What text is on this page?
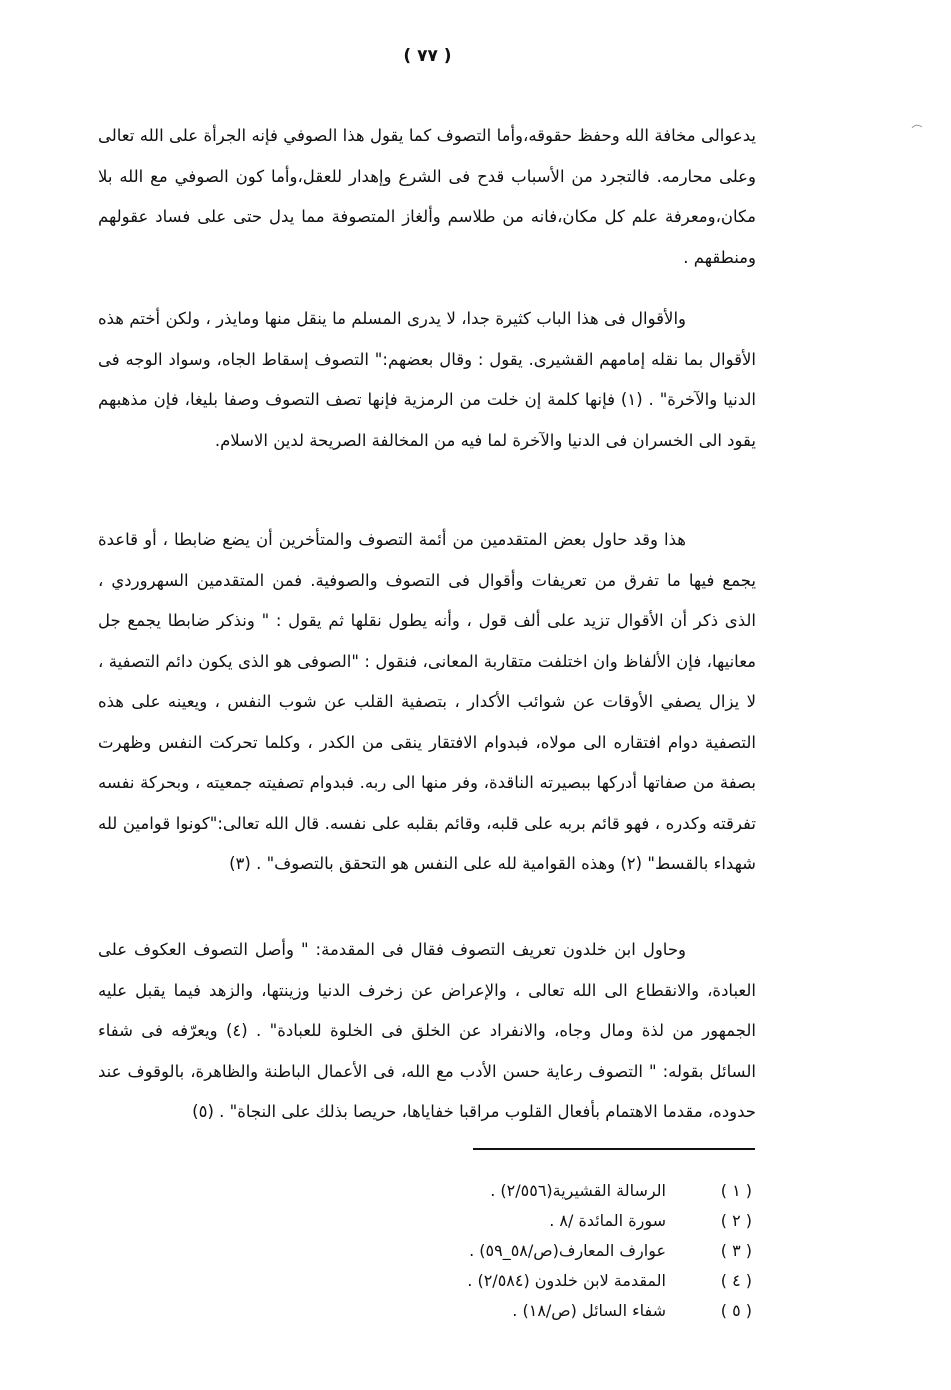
( ٧٧ )

يدعوالى مخافة الله وحفظ حقوقه،وأما التصوف كما يقول هذا الصوفي فإنه الجرأة على الله تعالى وعلى محارمه. فالتجرد من الأسباب قدح فى الشرع وإهدار للعقل،وأما كون الصوفي مع الله بلا مكان،ومعرفة علم كل مكان،فانه من طلاسم وألغاز المتصوفة مما يدل حتى على فساد عقولهم ومنطقهم .

والأقوال فى هذا الباب كثيرة جدا، لا يدرى المسلم ما ينقل منها ومايذر ، ولكن أختم هذه الأقوال بما نقله إمامهم القشيرى. يقول : وقال بعضهم:" التصوف إسقاط الجاه، وسواد الوجه فى الدنيا والآخرة" . (١) فإنها كلمة إن خلت من الرمزية فإنها تصف التصوف وصفا بليغا، فإن مذهبهم يقود الى الخسران فى الدنيا والآخرة لما فيه من المخالفة الصريحة لدين الاسلام.

هذا وقد حاول بعض المتقدمين من أئمة التصوف والمتأخرين أن يضع ضابطا ، أو قاعدة يجمع فيها ما تفرق من تعريفات وأقوال فى التصوف والصوفية. فمن المتقدمين السهروردي ، الذى ذكر أن الأقوال تزيد على ألف قول ، وأنه يطول نقلها ثم يقول : " ونذكر ضابطا يجمع جل معانيها، فإن الألفاظ وان اختلفت متقاربة المعانى، فنقول : "الصوفى هو الذى يكون دائم التصفية ، لا يزال يصفي الأوقات عن شوائب الأكدار ، بتصفية القلب عن شوب النفس ، ويعينه على هذه التصفية دوام افتقاره الى مولاه، فبدوام الافتقار ينقى من الكدر ، وكلما تحركت النفس وظهرت بصفة من صفاتها أدركها ببصيرته الناقدة، وفر منها الى ربه. فبدوام تصفيته جمعيته ، وبحركة نفسه تفرقته وكدره ، فهو قائم بربه على قلبه، وقائم بقلبه على نفسه. قال الله تعالى:"كونوا قوامين لله شهداء بالقسط" (٢) وهذه القوامية لله على النفس هو التحقق بالتصوف" . (٣)

وحاول ابن خلدون تعريف التصوف فقال فى المقدمة: " وأصل التصوف العكوف على العبادة، والانقطاع الى الله تعالى ، والإعراض عن زخرف الدنيا وزينتها، والزهد فيما يقبل عليه الجمهور من لذة ومال وجاه، والانفراد عن الخلق فى الخلوة للعبادة" . (٤) ويعرّفه فى شفاء السائل بقوله: " التصوف رعاية حسن الأدب مع الله، فى الأعمال الباطنة والظاهرة، بالوقوف عند حدوده، مقدما الاهتمام بأفعال القلوب مراقبا خفاياها، حريصا بذلك على النجاة" . (٥)

( ١ )الرسالة القشيرية(٢/٥٥٦) .
( ٢ )سورة المائدة /٨ .
( ٣ )عوارف المعارف(ص/٥٨_٥٩) .
( ٤ )المقدمة لابن خلدون (٢/٥٨٤) .
( ٥ )شفاء السائل (ص/١٨) .
